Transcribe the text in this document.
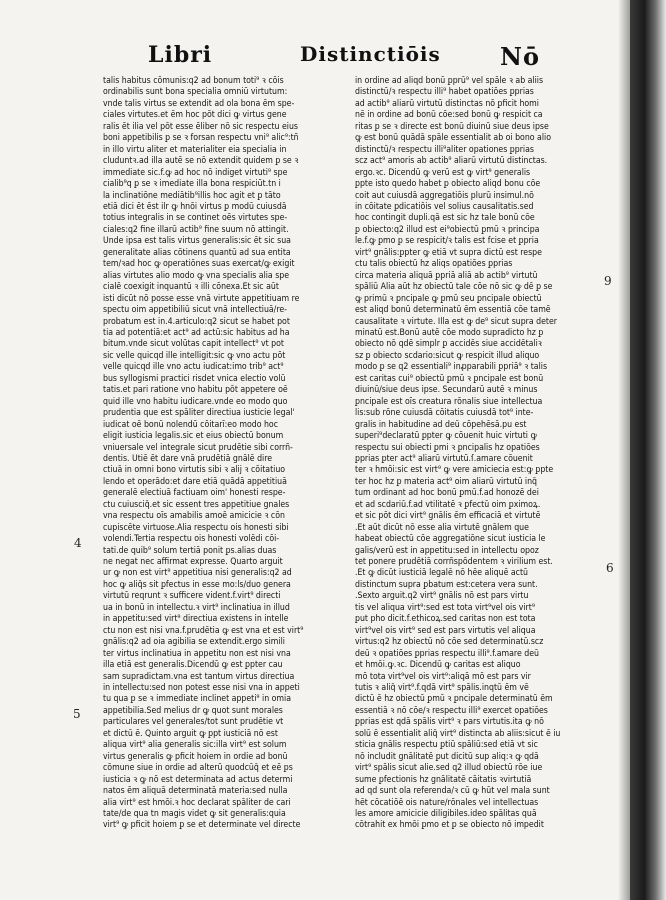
Libri	Distinctiōis Nō
talis habitus cōmunis:q2 ad bonum toti⁹ ꝛ cōis
ordinabilis sunt bona specialia omniū virtutum:
vnde talis virtus se extendit ad ola bona ēm spe-
ciales virtutes.et ēm hoc pōt dici ꝙ virtus gene
ralis ēt ilia vel pōt esse ēliber nō sic respectu eius
boni appetibilis ꝑ se ꝛ forsan respectu vni⁹ alic⁹:tñ
in illo virtu aliter et materialiter eia specialia in
cluduntꝛ.ad illa autē se nō extendit quidem ꝑ se ꝛ
immediate sic.f.ꝙ ad hoc nō indiget virtuti⁹ spe
cialib⁹q ꝑ se ꝛ imediate illa bona respiciūt.tn i
la inclinatiōne mediātib⁹illis hoc agit et ꝑ tāto
etiā dici ēt ēst ilr ꝙ hnōi virtus ꝑ modū cuiusdā
totius integralis in se continet oēs virtutes spe-
ciales:q2 fine illarū actib⁹ fine suum nō attingit.
Unde ipsa est talis virtus generalis:sic ēt sic sua
generalitate alias cōtinens quantū ad sua entita
tem/ꝛad hoc ꝙ operatiōnes suas exercat/ꝙ exigit
alias virtutes alio modo ꝙ vna specialis alia spe
cialē coexigit inquantū ꝛ illi cōnexa.Et sic aūt
isti dicūt nō posse esse vnā virtute appetitiuam re
spectu oim appetibiliū sicut vnā intellectiuā/re-
probatum est in.4.articulo:q2 sicut se habet pot
tia ad potentiā:et act⁹ ad actū:sic habitus ad ha
bitum.vnde sicut volūtas capit intellect⁹ vt pot
sic velle quicqd ille intelligit:sic ꝙ vno actu pōt
velle quicqd ille vno actu iudicat:imo trib⁹ act⁹
bus syllogismi practici risdet vnica electio volū
tatis.et pari ratione vno habitu pōt appetere oē
quid ille vno habitu iudicare.vnde eo modo quo
prudentia que est spāliter directiua iusticie legal'
iudicat oē bonū nolendū cōitarī:eo modo hoc
eligit iusticia legalis.sic et eius obiectū bonum
vniuersale vel integrale sicut prudētie sibi corrñ-
dentis. Utiē ēt dare vnā prudētiā gnālē dire
ctiuā in omni bono virtutis sibi ꝛ alij ꝛ cōitatiuo
lendo et operādo:et dare etiā quādā appetitiuā
generalē electiuā factiuam oim' honesti respe-
ctu cuiusciq̄.et sic essent tres appetitiue gnales
vna respectu oīs amabilis amoē amicicie ꝛ cōn
cupiscēte virtuose.Alia respectu ois honesti sibi
volendi.Tertia respectu ois honesti volēdi cōi-
tati.de quib⁹ solum tertiā ponit ꝑs.alias duas
ne negat nec affirmat expresse. Quarto arguit
ur ꝙ non est virt⁹ appetitiua nisi generalis:q2 ad
hoc ꝙ aliq̄s sit ꝑfectus in esse mo:ls/duo genera
virtutū reqrunt ꝛ sufficere vident.f.virt⁹ directi
ua in bonū in intellectu.ꝛ virt⁹ inclinatiua in illud
in appetitu:sed virt⁹ directiua existens in intelle
ctu non est nisi vna.f.prudētia ꝙ est vna et est virt⁹
gnālis:q2 ad oia agibilia se extendit.ergo simili
ter virtus inclinatiua in appetitu non est nisi vna
illa etiā est generalis.Dicendū ꝙ est ꝑpter cau
sam supradictam.vna est tantum virtus directiua
in intellectu:sed non potest esse nisi vna in appeti
tu qua ꝑ se ꝛ immediate inclinet appeti⁹ in omia
appetibilia.Sed melius dr ꝙ quot sunt morales
particulares vel generales/tot sunt prudētie vt
et dictū ē. Quinto arguit ꝙ ꝑpt iusticiā nō est
aliqua virt⁹ alia generalis sic:illa virt⁹ est solum
virtus generalis ꝙ pficit hoiem in ordie ad bonū
cōmune siue in ordie ad alterū quodcūq̄ et eē ꝑs
iusticia ꝛ ꝙ nō est determinata ad actus determi
natos ēm aliquā determinatā materia:sed nulla
alia virt⁹ est hmōi.ꝛ hoc declarat spāliter de cari
tate/de qua tn magis videt ꝙ sit generalis:quia
virt⁹ ꝙ pficit hoiem ꝑ se et determinate vel directe
in ordine ad aliqḋ bonū ꝑprū⁹ vel spāle ꝛ ab aliis
distinctū/ꝛ respectu illi⁹ habet opatiōes ꝑprias
ad actib⁹ aliarū virtutū distinctas nō ꝑficit homi
nē in ordine ad bonū cōe:sed bonū ꝙ respicit ca
ritas ꝑ se ꝛ directe est bonū diuinū siue deus ipse
ꝙ est bonū quādā spāle essentialit ab oi bono alio
distinctū/ꝛ respectu illi⁹aliter opationes ꝑprias
scz act⁹ amoris ab actib⁹ aliarū virtutū distinctas.
ergo.ꝛc. Dicendū ꝙ verū est ꝙ virt⁹ generalis
ꝑpte isto quedo habet ꝑ obiecto aliqḋ bonu cōe
coit aut cuiusdā aggregatiōis plurū insimul.nō
in cōitate ꝑdicatiōis vel solius causalitatis.sed
hoc contingit dupli.qā est sic hz tale bonū cōe
ꝑ obiecto:q2 illud est ei⁹obiectū ꝑmū ꝛ principa
le.f.ꝙ ꝑmo ꝑ se respicit/ꝛ talis est fcise et ꝑpria
virt⁹ gnālis:ꝑpter ꝙ etiā vt supra dictū est respe
ctu talis obiectū hz aliqs opatiōes ꝑprias
circa materia aliquā ꝑpriā aliā ab actib⁹ virtutū
spāliū Alia aūt hz obiectū tale cōe nō sic ꝙ dē ꝑ se
ꝙ primū ꝛ ꝑncipale ꝙ ꝑmū seu ꝑncipale obiectū
est aliqḋ bonū determinatū ēm essentiā cōe tamē
causalitate ꝛ virtute. Illa est ꝙ de⁹ sicut supra deter
minatū est.Bonū autē cōe modo supradicto hz ꝑ
obiecto nō qdē simplr ꝑ accidēs siue accidētaliꝛ
sz ꝑ obiecto scdario:sicut ꝙ respicit illud aliquo
modo ꝑ se q2 essentiali⁹ inꝓparabili ꝑpriā⁹ ꝛ talis
est caritas cui⁹ obiectū ꝑmū ꝛ ꝑncipale est bonū
diuinū/siue deus ipse. Secundarū autē ꝛ minus
ꝑncipale est oīs creatura rōnalis siue intellectua
lis:sub rōne cuiusdā cōitatis cuiusdā tot⁹ inte-
gralis in habitudine ad deū cōpehēsā.pu est
superi⁹declaratū ꝑpter ꝙ cōuenit huic virtuti ꝙ
respectu sui obiecti ꝑmi ꝛ ꝑncipalis hz opatiōes
ꝑprias ꝑter act⁹ aliarū virtutū.ſ.amare cōuenit
ter ꝛ hmōi:sic est virt⁹ ꝙ vere amiciecia est:ꝙ ꝑpte
ter hoc hz ꝑ materia act⁹ oim aliarū virtutū inq̄
tum ordinant ad hoc bonū ꝑmū.f.ad honozē dei
et ad scdariū.f.ad vtilitatē ꝛ ꝑfectū oim ꝑximoꝝ.
et sic pōt dici virt⁹ gnālis ēm efficaciā et virtutē
.Et aūt dicūt nō esse alia virtutē gnālem que
habeat obiectū cōe aggregatiōne sicut iusticia le
galis/verū est in appetitu:sed in intellectu opoz
tet ponere prudētiā corrñspōdentem ꝛ virilium est.
.Et ꝙ dicūt iusticiā legalē nō hēe aliquē actū
distinctum supra ꝑbatum est:cetera vera sunt.
.Sexto arguit.q2 virt⁹ gnālis nō est pars virtu
tis vel aliqua virt⁹:sed est tota virt⁹vel ois virt⁹
ꝑut pho dicit.f.ethicoꝝ.sed caritas non est tota
virt⁹vel ois virt⁹ sed est pars virtutis vel aliqua
virtus:q2 hz obiectū nō cōe sed determinatū.scz
deū ꝛ opatiōes ꝑprias respectu illi⁹.f.amare deū
et hmōi.ꝙ.ꝛc. Dicendū ꝙ caritas est aliquo
mō tota virt⁹vel ois virt⁹:aliqā mō est pars vir
tutis ꝛ aliq̄ virt⁹.f.qdā virt⁹ spālis.inqtū ēm vē
dictū ē hz obiectū ꝑmū ꝛ ꝑncipale determinatū ēm
essentiā ꝛ nō cōe/ꝛ respectu illi⁹ exercet opatiōes
ꝑprias est qdā spālis virt⁹ ꝛ pars virtutis.ita ꝙ nō
solū ē essentialit aliq̄ virt⁹ distincta ab aliis:sicut ē iu
sticia gnālis respectu ꝑtiū spāliū:sed etiā vt sic
nō includit gnālitatē ꝑut dicitū sup aliq:ꝛ ꝙ qdā
virt⁹ spālis sicut alie.sed q2 illud obiectū rōe iue
sume ꝑfectionis hz gnālitatē cāitatis ꝛvirtutiā
ad qḋ sunt ola referenda/ꝛ cū ꝙ hūt vel mala sunt
hēt cōcatiōē ois nature/rōnales vel intellectuas
les amore amicicie diligibiles.ideo spālitas quā
cōtrahit ex hmōi ꝑmo et ꝑ se obiecto nō impedit
4
5
6
9
